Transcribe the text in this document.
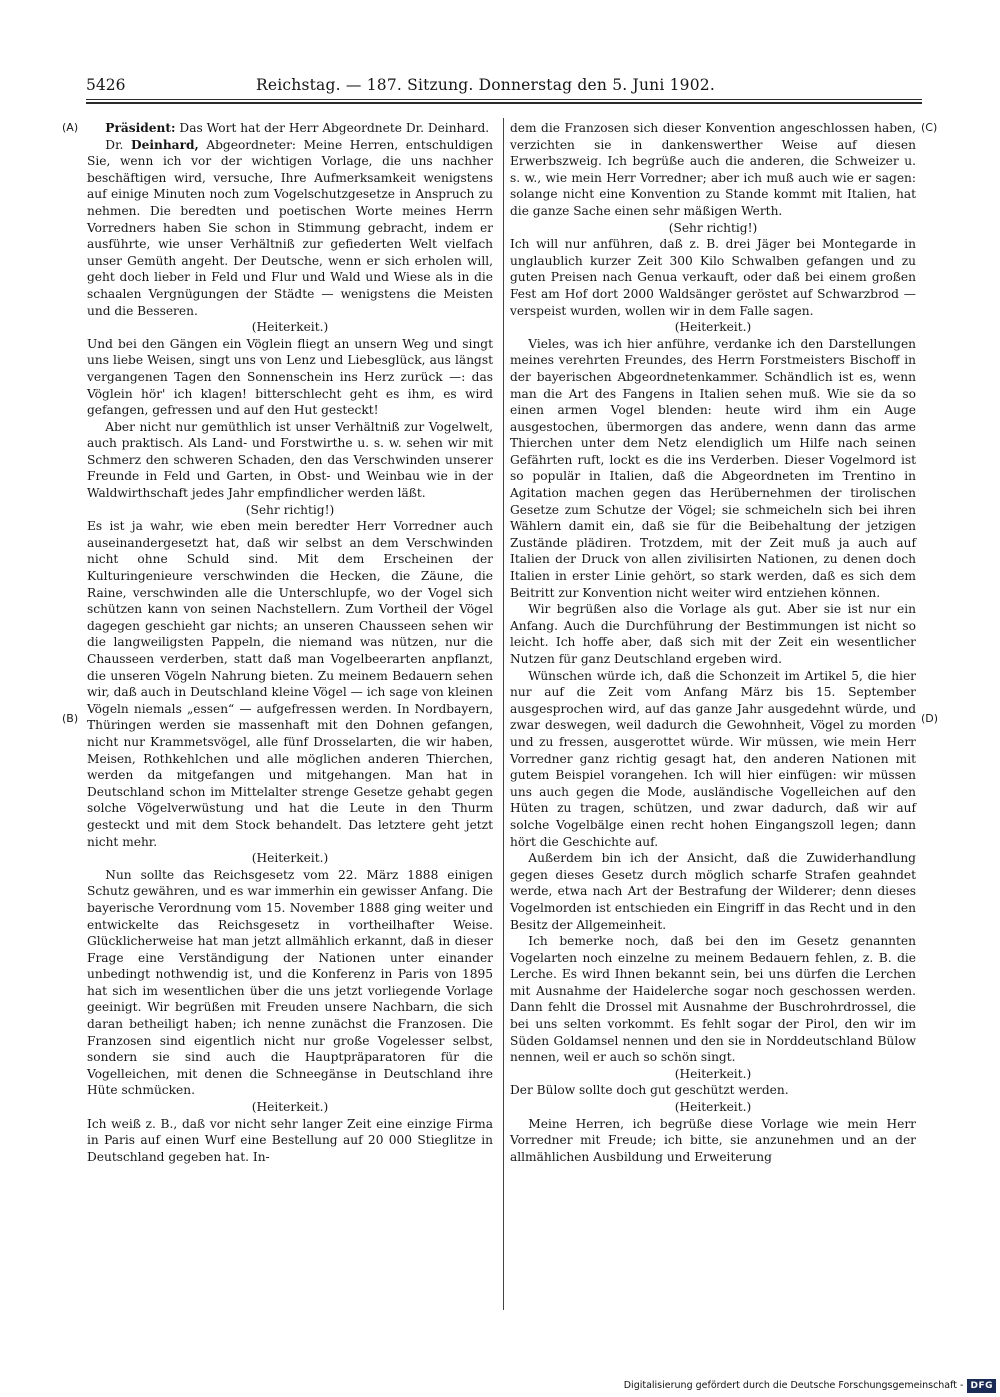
5426	Reichstag. — 187. Sitzung. Donnerstag den 5. Juni 1902.
(A)
(B)
(C)
(D)

Präsident: Das Wort hat der Herr Abgeordnete Dr. Deinhard.

Dr. Deinhard, Abgeordneter: Meine Herren, entschuldigen Sie, wenn ich vor der wichtigen Vorlage, die uns nachher beschäftigen wird, versuche, Ihre Aufmerksamkeit wenigstens auf einige Minuten noch zum Vogelschutzgesetze in Anspruch zu nehmen. Die beredten und poetischen Worte meines Herrn Vorredners haben Sie schon in Stimmung gebracht, indem er ausführte, wie unser Verhältniß zur gefiederten Welt vielfach unser Gemüth angeht. Der Deutsche, wenn er sich erholen will, geht doch lieber in Feld und Flur und Wald und Wiese als in die schaalen Vergnügungen der Städte — wenigstens die Meisten und die Besseren.

(Heiterkeit.)

Und bei den Gängen ein Vöglein fliegt an unsern Weg und singt uns liebe Weisen, singt uns von Lenz und Liebesglück, aus längst vergangenen Tagen den Sonnenschein ins Herz zurück —: das Vöglein hör' ich klagen! bitterschlecht geht es ihm, es wird gefangen, gefressen und auf den Hut gesteckt!

Aber nicht nur gemüthlich ist unser Verhältniß zur Vogelwelt, auch praktisch. Als Land- und Forstwirthe u. s. w. sehen wir mit Schmerz den schweren Schaden, den das Verschwinden unserer Freunde in Feld und Garten, in Obst- und Weinbau wie in der Waldwirthschaft jedes Jahr empfindlicher werden läßt.

(Sehr richtig!)

Es ist ja wahr, wie eben mein beredter Herr Vorredner auch auseinandergesetzt hat, daß wir selbst an dem Verschwinden nicht ohne Schuld sind. Mit dem Erscheinen der Kulturingenieure verschwinden die Hecken, die Zäune, die Raine, verschwinden alle die Unterschlupfe, wo der Vogel sich schützen kann von seinen Nachstellern. Zum Vortheil der Vögel dagegen geschieht gar nichts; an unseren Chausseen sehen wir die langweiligsten Pappeln, die niemand was nützen, nur die Chausseen verderben, statt daß man Vogelbeerarten anpflanzt, die unseren Vögeln Nahrung bieten. Zu meinem Bedauern sehen wir, daß auch in Deutschland kleine Vögel — ich sage von kleinen Vögeln niemals „essen“ — aufgefressen werden. In Nordbayern, Thüringen werden sie massenhaft mit den Dohnen gefangen, nicht nur Krammetsvögel, alle fünf Drosselarten, die wir haben, Meisen, Rothkehlchen und alle möglichen anderen Thierchen, werden da mitgefangen und mitgehangen. Man hat in Deutschland schon im Mittelalter strenge Gesetze gehabt gegen solche Vögelverwüstung und hat die Leute in den Thurm gesteckt und mit dem Stock behandelt. Das letztere geht jetzt nicht mehr.

(Heiterkeit.)

Nun sollte das Reichsgesetz vom 22. März 1888 einigen Schutz gewähren, und es war immerhin ein gewisser Anfang. Die bayerische Verordnung vom 15. November 1888 ging weiter und entwickelte das Reichsgesetz in vortheilhafter Weise. Glücklicherweise hat man jetzt allmählich erkannt, daß in dieser Frage eine Verständigung der Nationen unter einander unbedingt nothwendig ist, und die Konferenz in Paris von 1895 hat sich im wesentlichen über die uns jetzt vorliegende Vorlage geeinigt. Wir begrüßen mit Freuden unsere Nachbarn, die sich daran betheiligt haben; ich nenne zunächst die Franzosen. Die Franzosen sind eigentlich nicht nur große Vogelesser selbst, sondern sie sind auch die Hauptpräparatoren für die Vogelleichen, mit denen die Schneegänse in Deutschland ihre Hüte schmücken.

(Heiterkeit.)

Ich weiß z. B., daß vor nicht sehr langer Zeit eine einzige Firma in Paris auf einen Wurf eine Bestellung auf 20 000 Stieglitze in Deutschland gegeben hat. In-

dem die Franzosen sich dieser Konvention angeschlossen haben, verzichten sie in dankenswerther Weise auf diesen Erwerbszweig. Ich begrüße auch die anderen, die Schweizer u. s. w., wie mein Herr Vorredner; aber ich muß auch wie er sagen: solange nicht eine Konvention zu Stande kommt mit Italien, hat die ganze Sache einen sehr mäßigen Werth.

(Sehr richtig!)

Ich will nur anführen, daß z. B. drei Jäger bei Montegarde in unglaublich kurzer Zeit 300 Kilo Schwalben gefangen und zu guten Preisen nach Genua verkauft, oder daß bei einem großen Fest am Hof dort 2000 Waldsänger geröstet auf Schwarzbrod — verspeist wurden, wollen wir in dem Falle sagen.

(Heiterkeit.)

Vieles, was ich hier anführe, verdanke ich den Darstellungen meines verehrten Freundes, des Herrn Forstmeisters Bischoff in der bayerischen Abgeordnetenkammer. Schändlich ist es, wenn man die Art des Fangens in Italien sehen muß. Wie sie da so einen armen Vogel blenden: heute wird ihm ein Auge ausgestochen, übermorgen das andere, wenn dann das arme Thierchen unter dem Netz elendiglich um Hilfe nach seinen Gefährten ruft, lockt es die ins Verderben. Dieser Vogelmord ist so populär in Italien, daß die Abgeordneten im Trentino in Agitation machen gegen das Herübernehmen der tirolischen Gesetze zum Schutze der Vögel; sie schmeicheln sich bei ihren Wählern damit ein, daß sie für die Beibehaltung der jetzigen Zustände plädiren. Trotzdem, mit der Zeit muß ja auch auf Italien der Druck von allen zivilisirten Nationen, zu denen doch Italien in erster Linie gehört, so stark werden, daß es sich dem Beitritt zur Konvention nicht weiter wird entziehen können.

Wir begrüßen also die Vorlage als gut. Aber sie ist nur ein Anfang. Auch die Durchführung der Bestimmungen ist nicht so leicht. Ich hoffe aber, daß sich mit der Zeit ein wesentlicher Nutzen für ganz Deutschland ergeben wird.

Wünschen würde ich, daß die Schonzeit im Artikel 5, die hier nur auf die Zeit vom Anfang März bis 15. September ausgesprochen wird, auf das ganze Jahr ausgedehnt würde, und zwar deswegen, weil dadurch die Gewohnheit, Vögel zu morden und zu fressen, ausgerottet würde. Wir müssen, wie mein Herr Vorredner ganz richtig gesagt hat, den anderen Nationen mit gutem Beispiel vorangehen. Ich will hier einfügen: wir müssen uns auch gegen die Mode, ausländische Vogelleichen auf den Hüten zu tragen, schützen, und zwar dadurch, daß wir auf solche Vogelbälge einen recht hohen Eingangszoll legen; dann hört die Geschichte auf.

Außerdem bin ich der Ansicht, daß die Zuwiderhandlung gegen dieses Gesetz durch möglich scharfe Strafen geahndet werde, etwa nach Art der Bestrafung der Wilderer; denn dieses Vogelmorden ist entschieden ein Eingriff in das Recht und in den Besitz der Allgemeinheit.

Ich bemerke noch, daß bei den im Gesetz genannten Vogelarten noch einzelne zu meinem Bedauern fehlen, z. B. die Lerche. Es wird Ihnen bekannt sein, bei uns dürfen die Lerchen mit Ausnahme der Haidelerche sogar noch geschossen werden. Dann fehlt die Drossel mit Ausnahme der Buschrohrdrossel, die bei uns selten vorkommt. Es fehlt sogar der Pirol, den wir im Süden Goldamsel nennen und den sie in Norddeutschland Bülow nennen, weil er auch so schön singt.

(Heiterkeit.)

Der Bülow sollte doch gut geschützt werden.

(Heiterkeit.)

Meine Herren, ich begrüße diese Vorlage wie mein Herr Vorredner mit Freude; ich bitte, sie anzunehmen und an der allmählichen Ausbildung und Erweiterung

Digitalisierung gefördert durch die Deutsche Forschungsgemeinschaft - DFG
